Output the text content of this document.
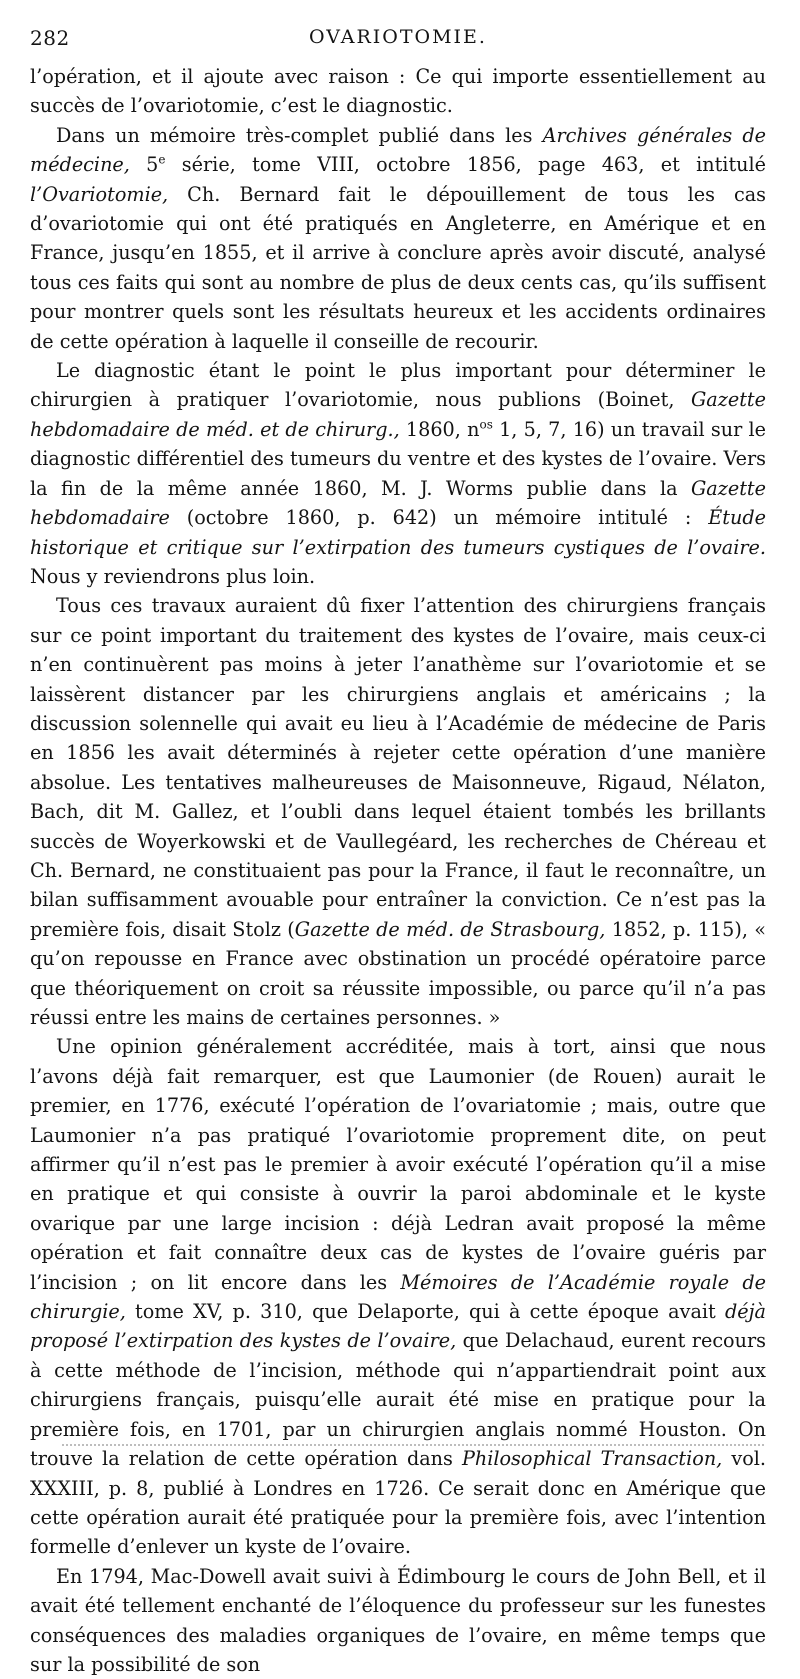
282	OVARIOTOMIE.

l’opération, et il ajoute avec raison : Ce qui importe essentiellement au succès de l’ovariotomie, c’est le diagnostic.

Dans un mémoire très-complet publié dans les Archives générales de médecine, 5e série, tome VIII, octobre 1856, page 463, et intitulé l’Ovariotomie, Ch. Bernard fait le dépouillement de tous les cas d’ovariotomie qui ont été pratiqués en Angleterre, en Amérique et en France, jusqu’en 1855, et il arrive à conclure après avoir discuté, analysé tous ces faits qui sont au nombre de plus de deux cents cas, qu’ils suffisent pour montrer quels sont les résultats heureux et les accidents ordinaires de cette opération à laquelle il conseille de recourir.

Le diagnostic étant le point le plus important pour déterminer le chirurgien à pratiquer l’ovariotomie, nous publions (Boinet, Gazette hebdomadaire de méd. et de chirurg., 1860, $n^{os}$ 1, 5, 7, 16) un travail sur le diagnostic différentiel des tumeurs du ventre et des kystes de l’ovaire. Vers la fin de la même année 1860, M. J. Worms publie dans la Gazette hebdomadaire (octobre 1860, p. 642) un mémoire intitulé : Étude historique et critique sur l’extirpation des tumeurs cystiques de l’ovaire. Nous y reviendrons plus loin.

Tous ces travaux auraient dû fixer l’attention des chirurgiens français sur ce point important du traitement des kystes de l’ovaire, mais ceux-ci n’en continuèrent pas moins à jeter l’anathème sur l’ovariotomie et se laissèrent distancer par les chirurgiens anglais et américains ; la discussion solennelle qui avait eu lieu à l’Académie de médecine de Paris en 1856 les avait déterminés à rejeter cette opération d’une manière absolue. Les tentatives malheureuses de Maisonneuve, Rigaud, Nélaton, Bach, dit M. Gallez, et l’oubli dans lequel étaient tombés les brillants succès de Woyerkowski et de Vaullegéard, les recherches de Chéreau et Ch. Bernard, ne constituaient pas pour la France, il faut le reconnaître, un bilan suffisamment avouable pour entraîner la conviction. Ce n’est pas la première fois, disait Stolz (Gazette de méd. de Strasbourg, 1852, p. 115), « qu’on repousse en France avec obstination un procédé opératoire parce que théoriquement on croit sa réussite impossible, ou parce qu’il n’a pas réussi entre les mains de certaines personnes. »

Une opinion généralement accréditée, mais à tort, ainsi que nous l’avons déjà fait remarquer, est que Laumonier (de Rouen) aurait le premier, en 1776, exécuté l’opération de l’ovariatomie ; mais, outre que Laumonier n’a pas pratiqué l’ovariotomie proprement dite, on peut affirmer qu’il n’est pas le premier à avoir exécuté l’opération qu’il a mise en pratique et qui consiste à ouvrir la paroi abdominale et le kyste ovarique par une large incision : déjà Ledran avait proposé la même opération et fait connaître deux cas de kystes de l’ovaire guéris par l’incision ; on lit encore dans les Mémoires de l’Académie royale de chirurgie, tome XV, p. 310, que Delaporte, qui à cette époque avait déjà proposé l’extirpation des kystes de l’ovaire, que Delachaud, eurent recours à cette méthode de l’incision, méthode qui n’appartiendrait point aux chirurgiens français, puisqu’elle aurait été mise en pratique pour la première fois, en 1701, par un chirurgien anglais nommé Houston. On trouve la relation de cette opération dans Philosophical Transaction, vol. XXXIII, p. 8, publié à Londres en 1726. Ce serait donc en Amérique que cette opération aurait été pratiquée pour la première fois, avec l’intention formelle d’enlever un kyste de l’ovaire.

En 1794, Mac-Dowell avait suivi à Édimbourg le cours de John Bell, et il avait été tellement enchanté de l’éloquence du professeur sur les funestes conséquences des maladies organiques de l’ovaire, en même temps que sur la possibilité de son
